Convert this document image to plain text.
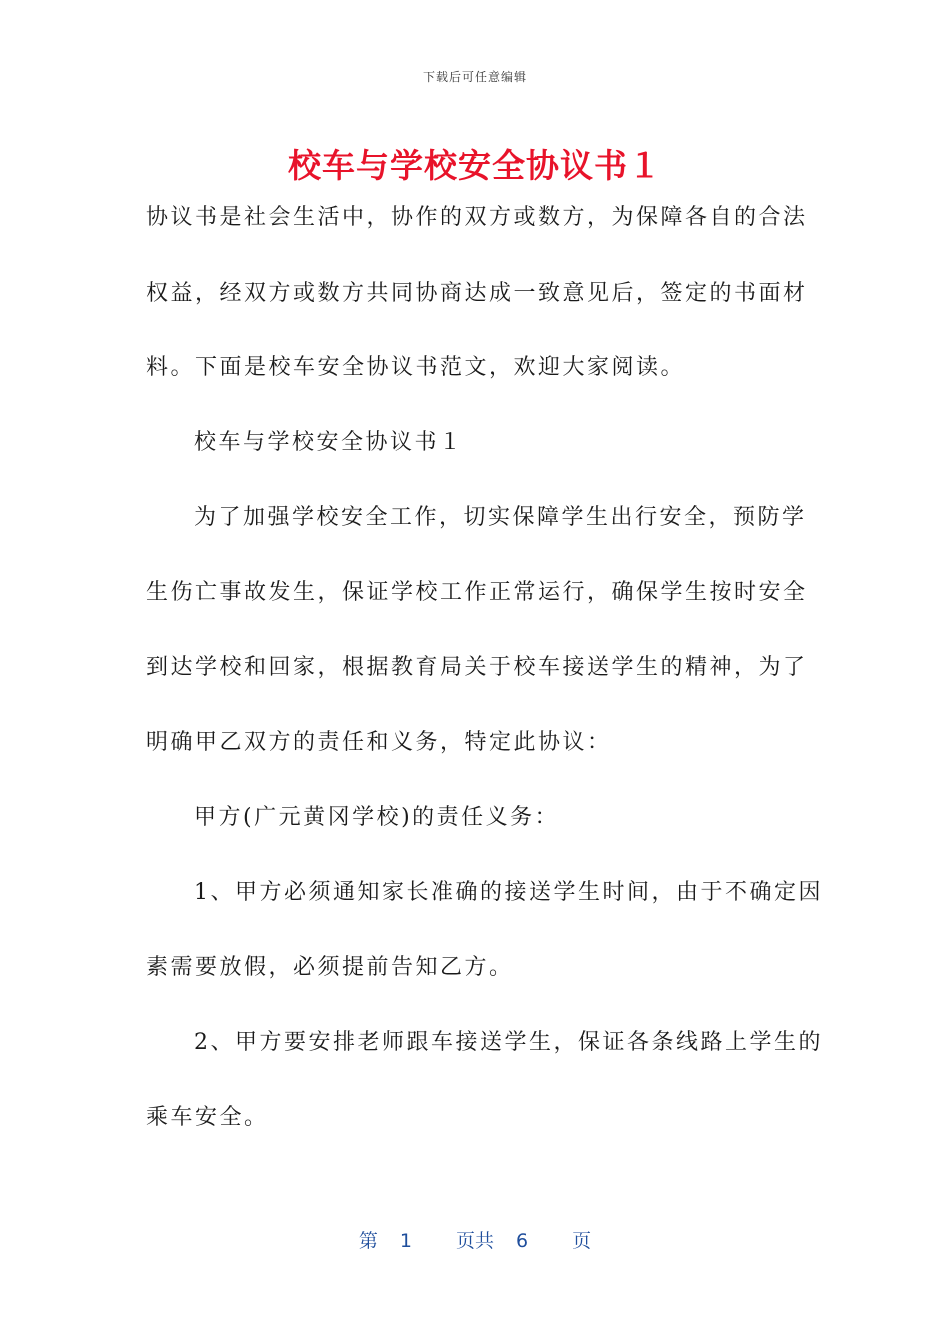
下载后可任意编辑
校车与学校安全协议书１
协议书是社会生活中，协作的双方或数方，为保障各自的合法
权益，经双方或数方共同协商达成一致意见后，签定的书面材
料。下面是校车安全协议书范文，欢迎大家阅读。
校车与学校安全协议书１
为了加强学校安全工作，切实保障学生出行安全，预防学
生伤亡事故发生，保证学校工作正常运行，确保学生按时安全
到达学校和回家，根据教育局关于校车接送学生的精神，为了
明确甲乙双方的责任和义务，特定此协议：
甲方(广元黄冈学校)的责任义务：
1、甲方必须通知家长准确的接送学生时间，由于不确定因
素需要放假，必须提前告知乙方。
2、甲方要安排老师跟车接送学生，保证各条线路上学生的
乘车安全。
第 1 页共 6 页
